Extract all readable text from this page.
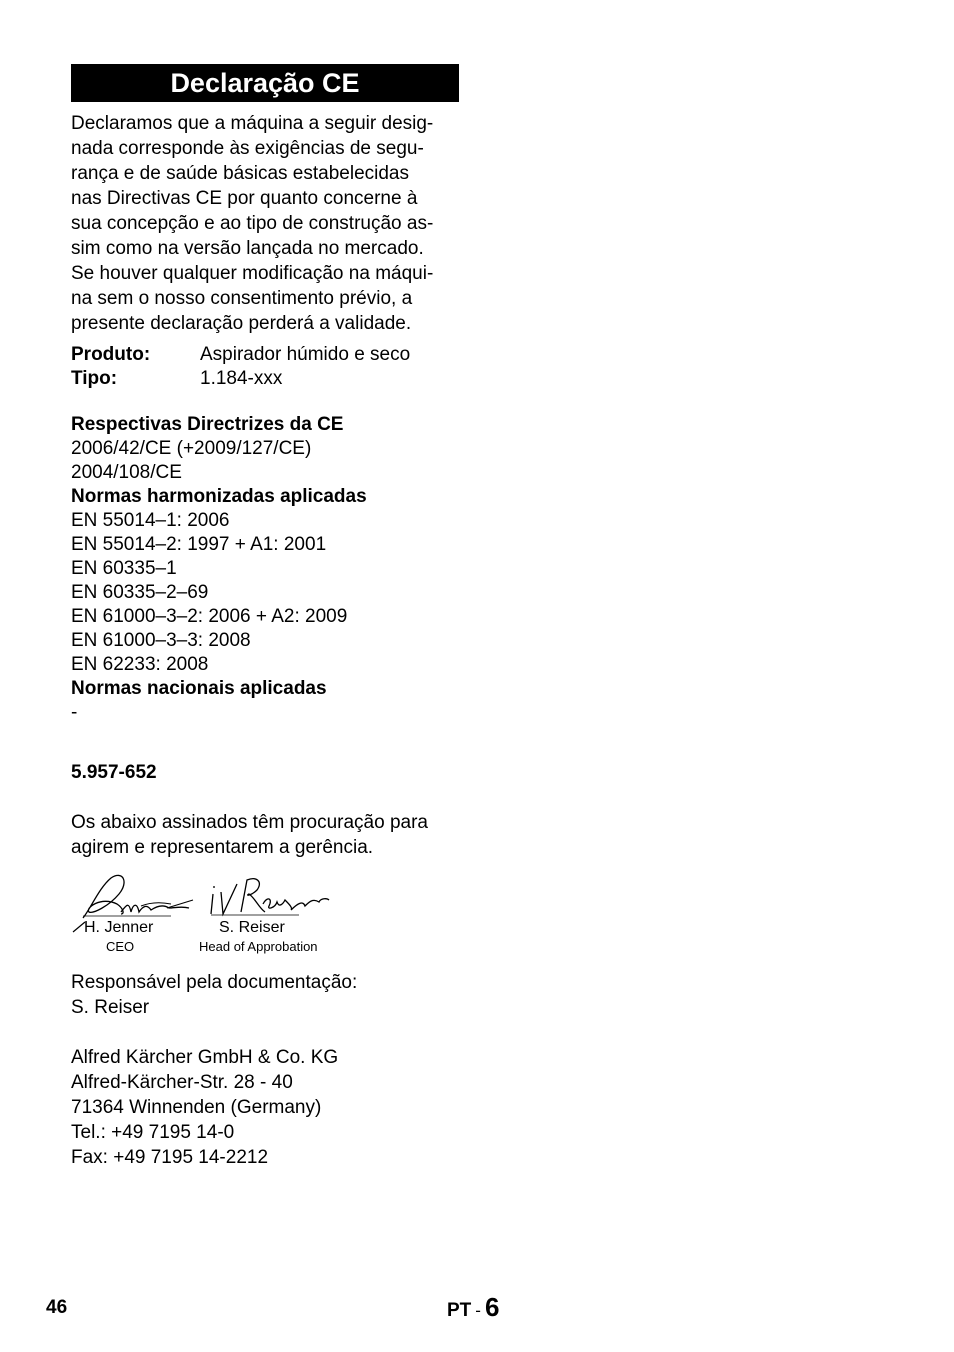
Declaração CE
Declaramos que a máquina a seguir desig-
nada corresponde às exigências de segu-
rança e de saúde básicas estabelecidas
nas Directivas CE por quanto concerne à
sua concepção e ao tipo de construção as-
sim como na versão lançada no mercado.
Se houver qualquer modificação na máqui-
na sem o nosso consentimento prévio, a
presente declaração perderá a validade.
Produto:	Aspirador húmido e seco
Tipo:	1.184-xxx
Respectivas Directrizes da CE
2006/42/CE (+2009/127/CE)
2004/108/CE
Normas harmonizadas aplicadas
EN 55014–1: 2006
EN 55014–2: 1997 + A1: 2001
EN 60335–1
EN 60335–2–69
EN 61000–3–2: 2006 + A2: 2009
EN 61000–3–3: 2008
EN 62233: 2008
Normas nacionais aplicadas
-
5.957-652
Os abaixo assinados têm procuração para
agirem e representarem a gerência.
H. Jenner
CEO
S. Reiser
Head of Approbation
Responsável pela documentação:
S. Reiser
Alfred Kärcher GmbH & Co. KG
Alfred-Kärcher-Str. 28 - 40
71364 Winnenden (Germany)
Tel.: +49 7195 14-0
Fax: +49 7195 14-2212
46	PT - 6
